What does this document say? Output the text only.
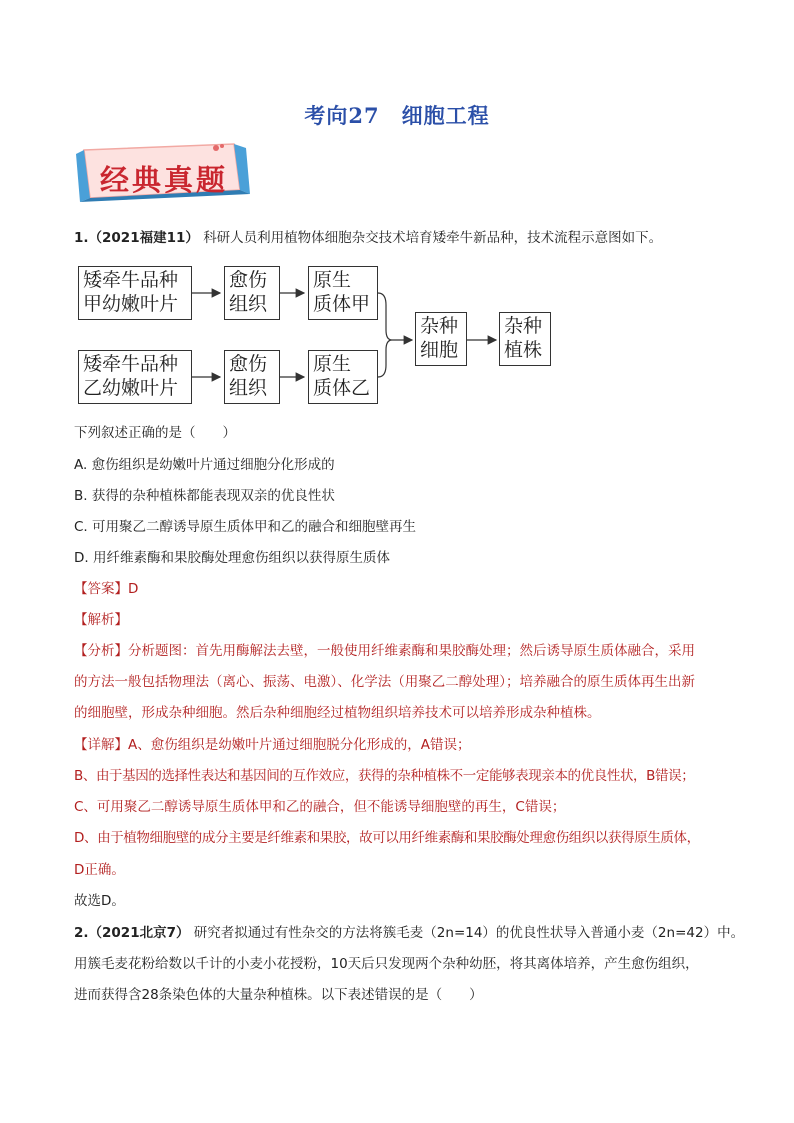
考向27 细胞工程
经典真题
1.（2021福建11） 科研人员利用植物体细胞杂交技术培育矮牵牛新品种，技术流程示意图如下。
矮牵牛品种
甲幼嫩叶片
愈伤
组织
原生
质体甲
矮牵牛品种
乙幼嫩叶片
愈伤
组织
原生
质体乙
杂种
细胞
杂种
植株
下列叙述正确的是（　　）
A. 愈伤组织是幼嫩叶片通过细胞分化形成的
B. 获得的杂种植株都能表现双亲的优良性状
C. 可用聚乙二醇诱导原生质体甲和乙的融合和细胞壁再生
D. 用纤维素酶和果胶酶处理愈伤组织以获得原生质体
【答案】D
【解析】
【分析】分析题图：首先用酶解法去壁，一般使用纤维素酶和果胶酶处理；然后诱导原生质体融合，采用
的方法一般包括物理法（离心、振荡、电激）、化学法（用聚乙二醇处理）；培养融合的原生质体再生出新
的细胞壁，形成杂种细胞。然后杂种细胞经过植物组织培养技术可以培养形成杂种植株。
【详解】A、愈伤组织是幼嫩叶片通过细胞脱分化形成的，A错误；
B、由于基因的选择性表达和基因间的互作效应，获得的杂种植株不一定能够表现亲本的优良性状，B错误；
C、可用聚乙二醇诱导原生质体甲和乙的融合，但不能诱导细胞壁的再生，C错误；
D、由于植物细胞壁的成分主要是纤维素和果胶，故可以用纤维素酶和果胶酶处理愈伤组织以获得原生质体，
D正确。
故选D。
2.（2021北京7） 研究者拟通过有性杂交的方法将簇毛麦（2n=14）的优良性状导入普通小麦（2n=42）中。
用簇毛麦花粉给数以千计的小麦小花授粉，10天后只发现两个杂种幼胚，将其离体培养，产生愈伤组织，
进而获得含28条染色体的大量杂种植株。以下表述错误的是（　　）
